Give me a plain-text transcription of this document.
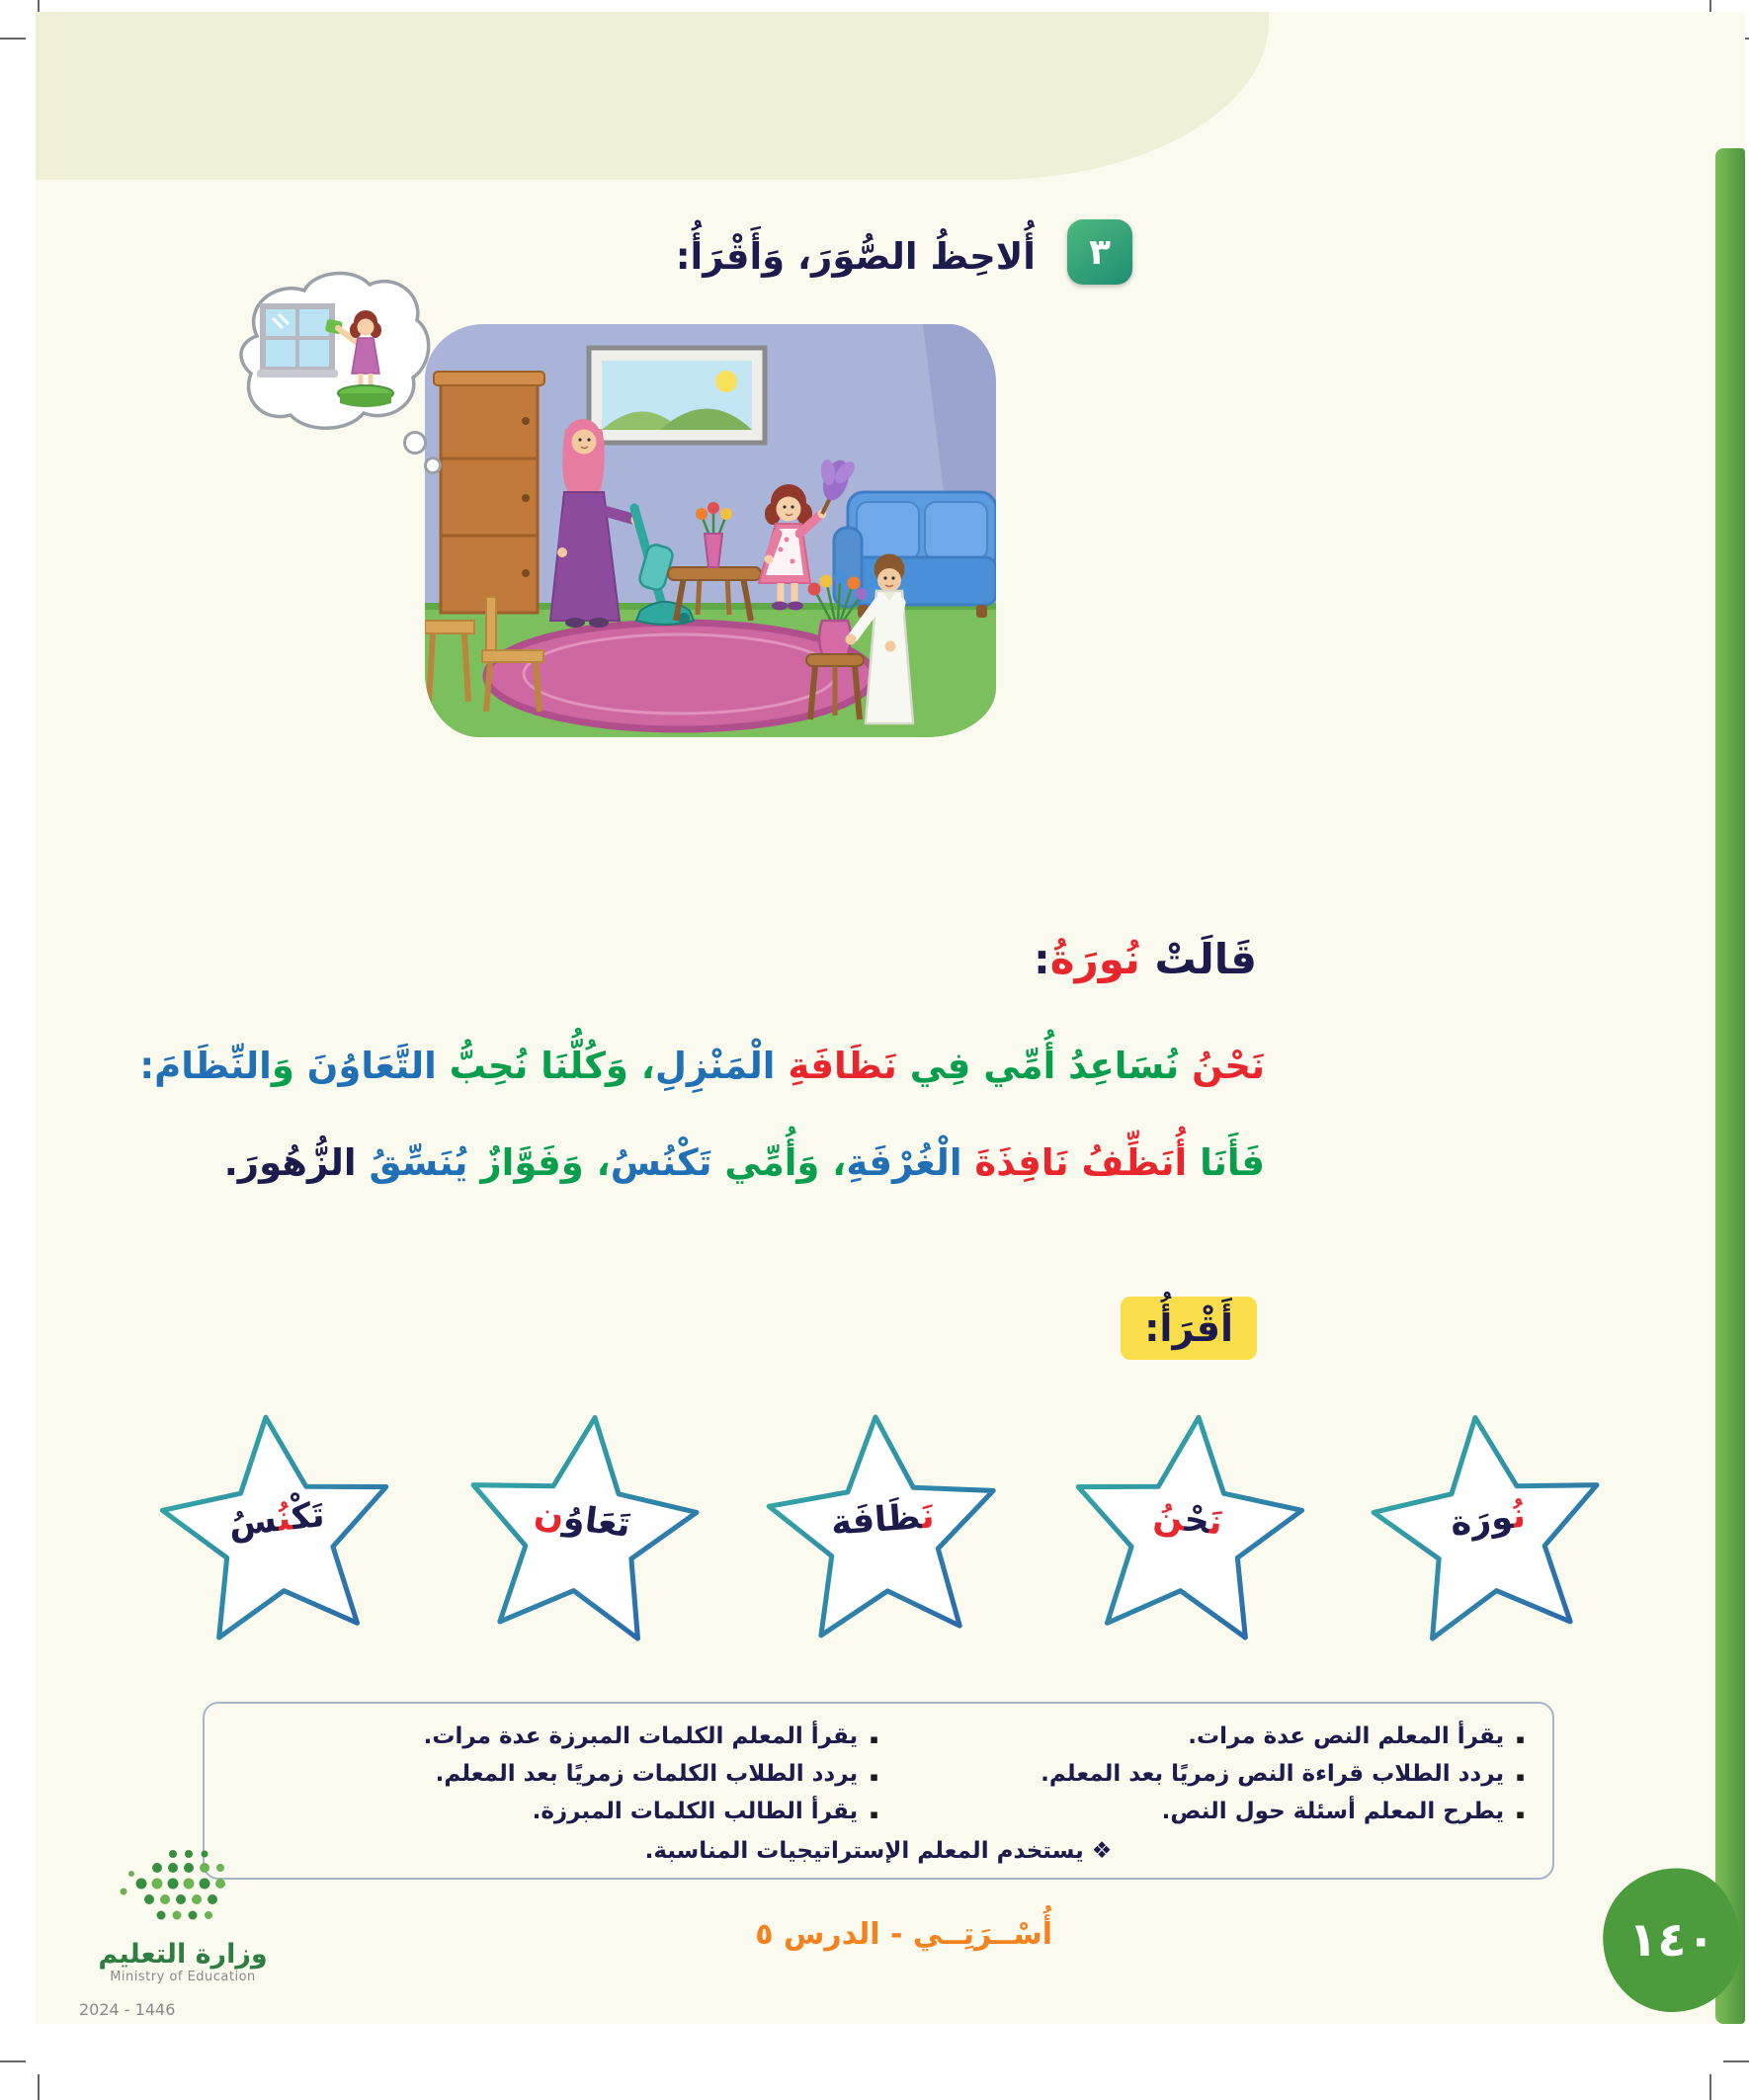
٣
أُلاحِظُ الصُّوَرَ، وَأَقْرَأُ:
قَالَتْ نُورَةُ:
نَحْنُ نُسَاعِدُ أُمِّي فِي نَظَافَةِ الْمَنْزِلِ، وَكُلُّنَا نُحِبُّ التَّعَاوُنَ وَالنِّظَامَ:
فَأَنَا أُنَظِّفُ نَافِذَةَ الْغُرْفَةِ، وَأُمِّي تَكْنُسُ، وَفَوَّازٌ يُنَسِّقُ الزُّهُورَ.
أَقْرَأُ:
نُ‍
‍ورَة
نَ‍
‍حْ‍
‍نُ
نَ‍
‍ظَافَة
تَعَاوُ
ن
تَكْ‍
‍نُ‍
‍سُ
▪
يقرأ المعلم النص عدة مرات.
▪
يردد الطلاب قراءة النص زمريًا بعد المعلم.
▪
يطرح المعلم أسئلة حول النص.
▪
يقرأ المعلم الكلمات المبرزة عدة مرات.
▪
يردد الطلاب الكلمات زمريًا بعد المعلم.
▪
يقرأ الطالب الكلمات المبرزة.
❖ يستخدم المعلم الإستراتيجيات المناسبة.
وزارة التعليم
Ministry of Education
2024 - 1446
أُسْــرَتِــي - الدرس ٥	١٤٠
